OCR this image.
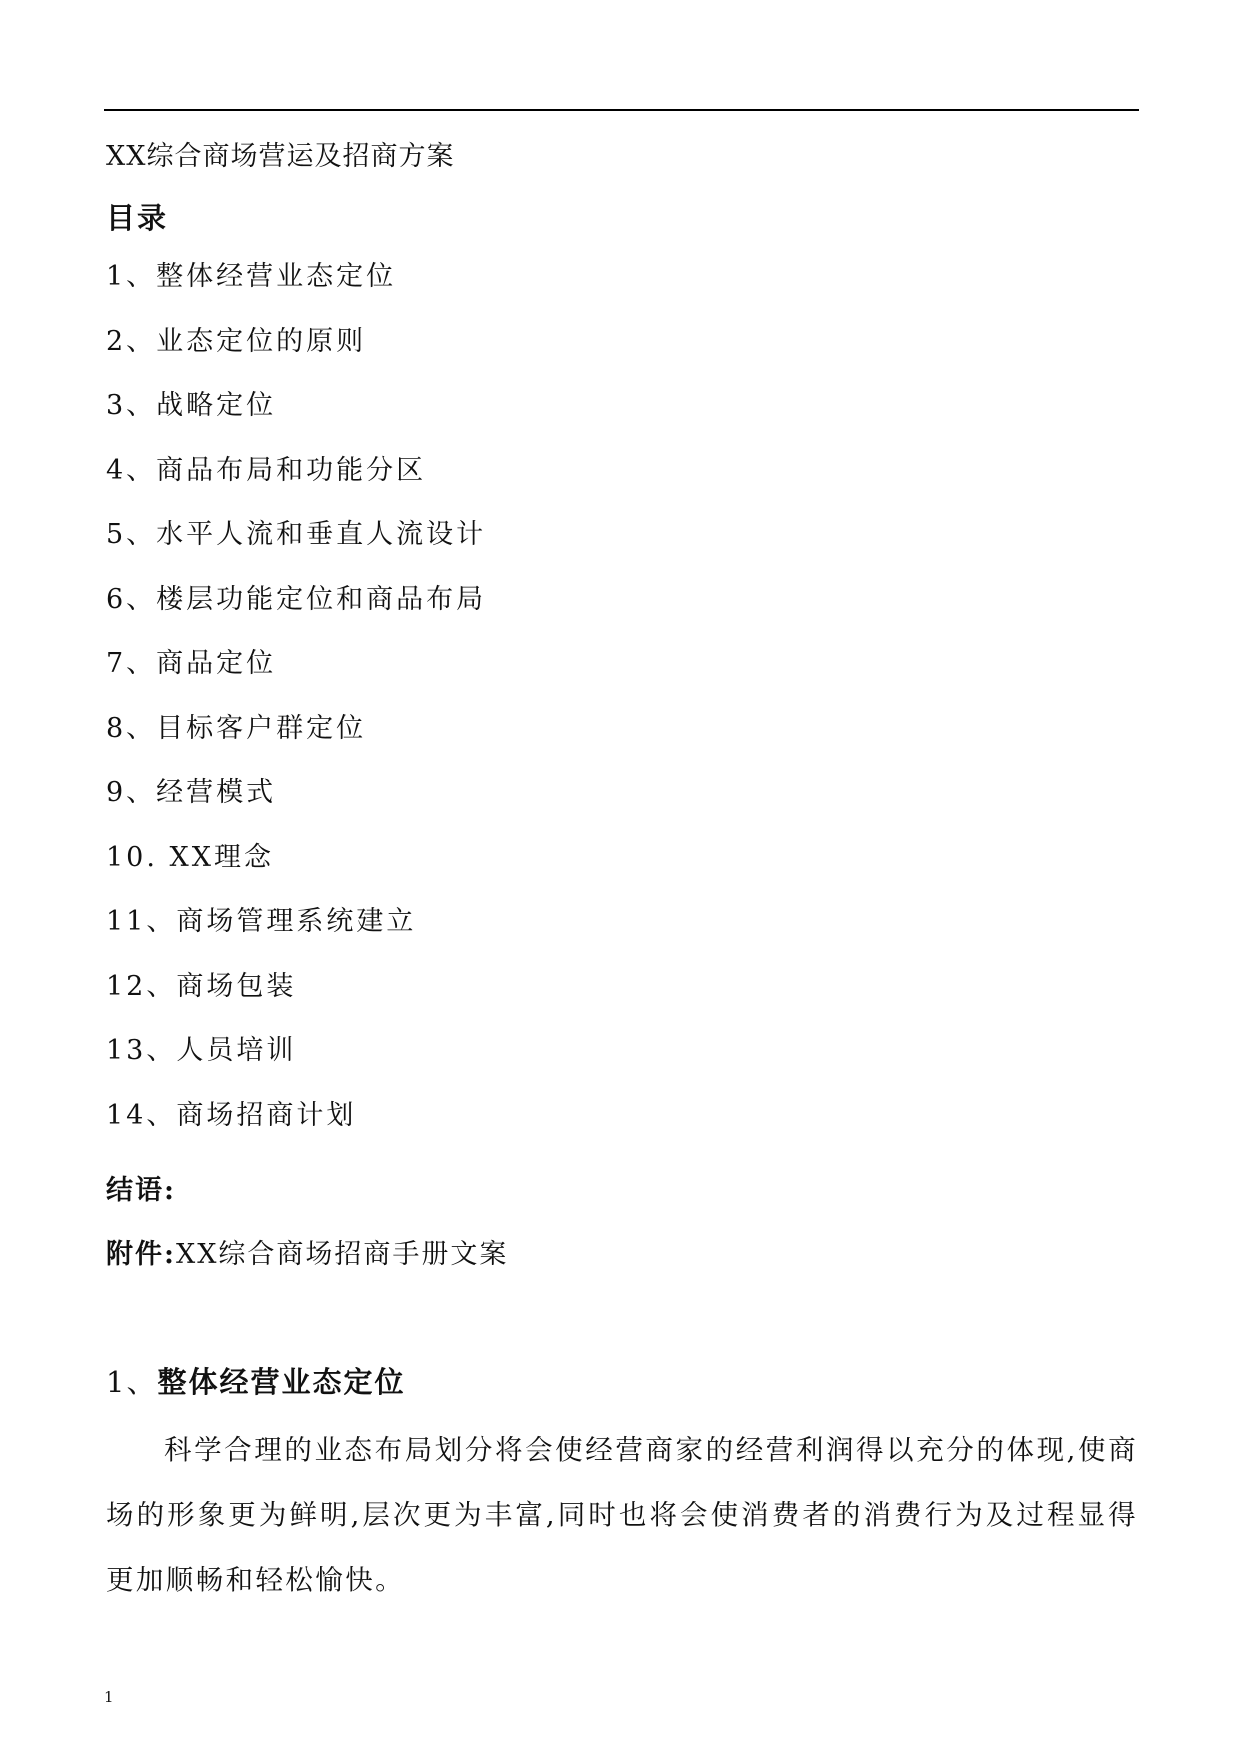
XX综合商场营运及招商方案
目录
1、整体经营业态定位
2、业态定位的原则
3、战略定位
4、商品布局和功能分区
5、水平人流和垂直人流设计
6、楼层功能定位和商品布局
7、商品定位
8、目标客户群定位
9、经营模式
10. XX理念
11、商场管理系统建立
12、商场包装
13、人员培训
14、商场招商计划
结语:
附件:XX综合商场招商手册文案
1、整体经营业态定位

科学合理的业态布局划分将会使经营商家的经营利润得以充分的体现,使商场的形象更为鲜明,层次更为丰富,同时也将会使消费者的消费行为及过程显得更加顺畅和轻松愉快。

1
